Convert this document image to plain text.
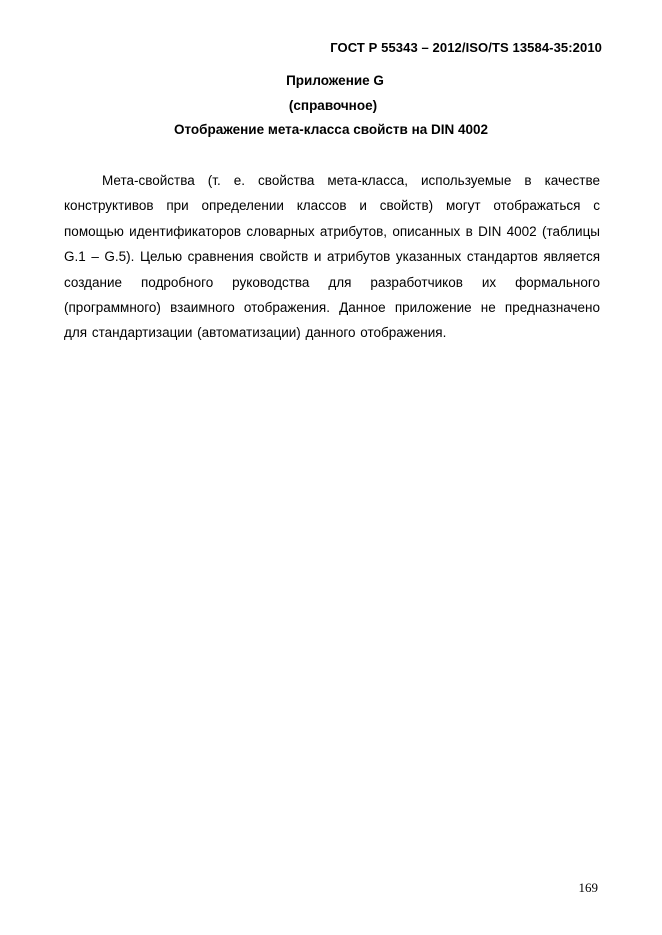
ГОСТ Р 55343 – 2012/ISO/TS 13584-35:2010
Приложение G
(справочное)
Отображение мета-класса свойств на DIN 4002

Мета-свойства (т. е. свойства мета-класса, используемые в качестве конструктивов при определении классов и свойств) могут отображаться с помощью идентификаторов словарных атрибутов, описанных в DIN 4002 (таблицы G.1 – G.5). Целью сравнения свойств и атрибутов указанных стандартов является создание подробного руководства для разработчиков их формального (программного) взаимного отображения. Данное приложение не предназначено для стандартизации (автоматизации) данного отображения.

169
